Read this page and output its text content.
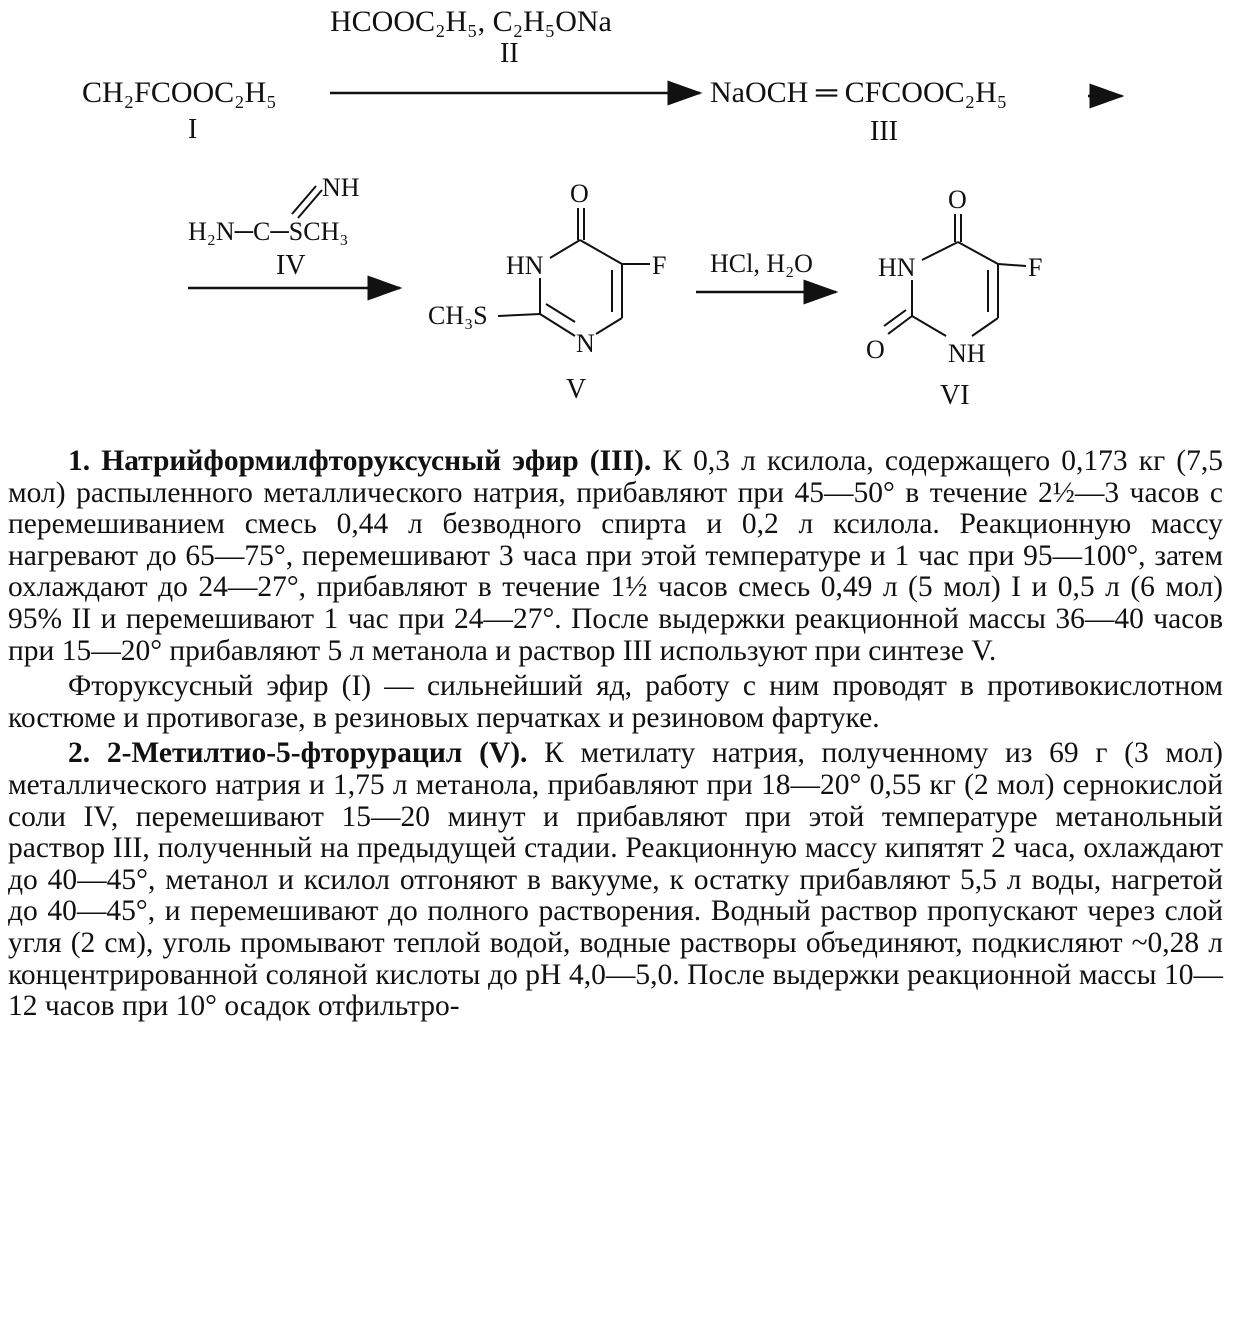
HCOOC₂H₅, C₂H₅ONa
II
CH₂FCOOC₂H₅
I
NaOCH ═ CFCOOC₂H₅
III
NH
H₂N─C─SCH₃
IV
O
HN	F
CH₃S
N
V
HCl, H₂O
O
HN	F
O NH
VI

1. Натрийформилфторуксусный эфир (III). К 0,3 л ксилола, содержащего 0,173 кг (7,5 мол) распыленного металлического натрия, прибавляют при 45—50° в течение 2½—3 часов с перемешиванием смесь 0,44 л безводного спирта и 0,2 л ксилола. Реакционную массу нагревают до 65—75°, перемешивают 3 часа при этой температуре и 1 час при 95—100°, затем охлаждают до 24—27°, прибавляют в течение 1½ часов смесь 0,49 л (5 мол) I и 0,5 л (6 мол) 95% II и перемешивают 1 час при 24—27°. После выдержки реакционной массы 36—40 часов при 15—20° прибавляют 5 л метанола и раствор III используют при синтезе V.

Фторуксусный эфир (I) — сильнейший яд, работу с ним проводят в противокислотном костюме и противогазе, в резиновых перчатках и резиновом фартуке.

2. 2-Метилтио-5-фторурацил (V). К метилату натрия, полученному из 69 г (3 мол) металлического натрия и 1,75 л метанола, прибавляют при 18—20° 0,55 кг (2 мол) сернокислой соли IV, перемешивают 15—20 минут и прибавляют при этой температуре метанольный раствор III, полученный на предыдущей стадии. Реакционную массу кипятят 2 часа, охлаждают до 40—45°, метанол и ксилол отгоняют в вакууме, к остатку прибавляют 5,5 л воды, нагретой до 40—45°, и перемешивают до полного растворения. Водный раствор пропускают через слой угля (2 см), уголь промывают теплой водой, водные растворы объединяют, подкисляют ~0,28 л концентрированной соляной кислоты до pH 4,0—5,0. После выдержки реакционной массы 10—12 часов при 10° осадок отфильтро-
